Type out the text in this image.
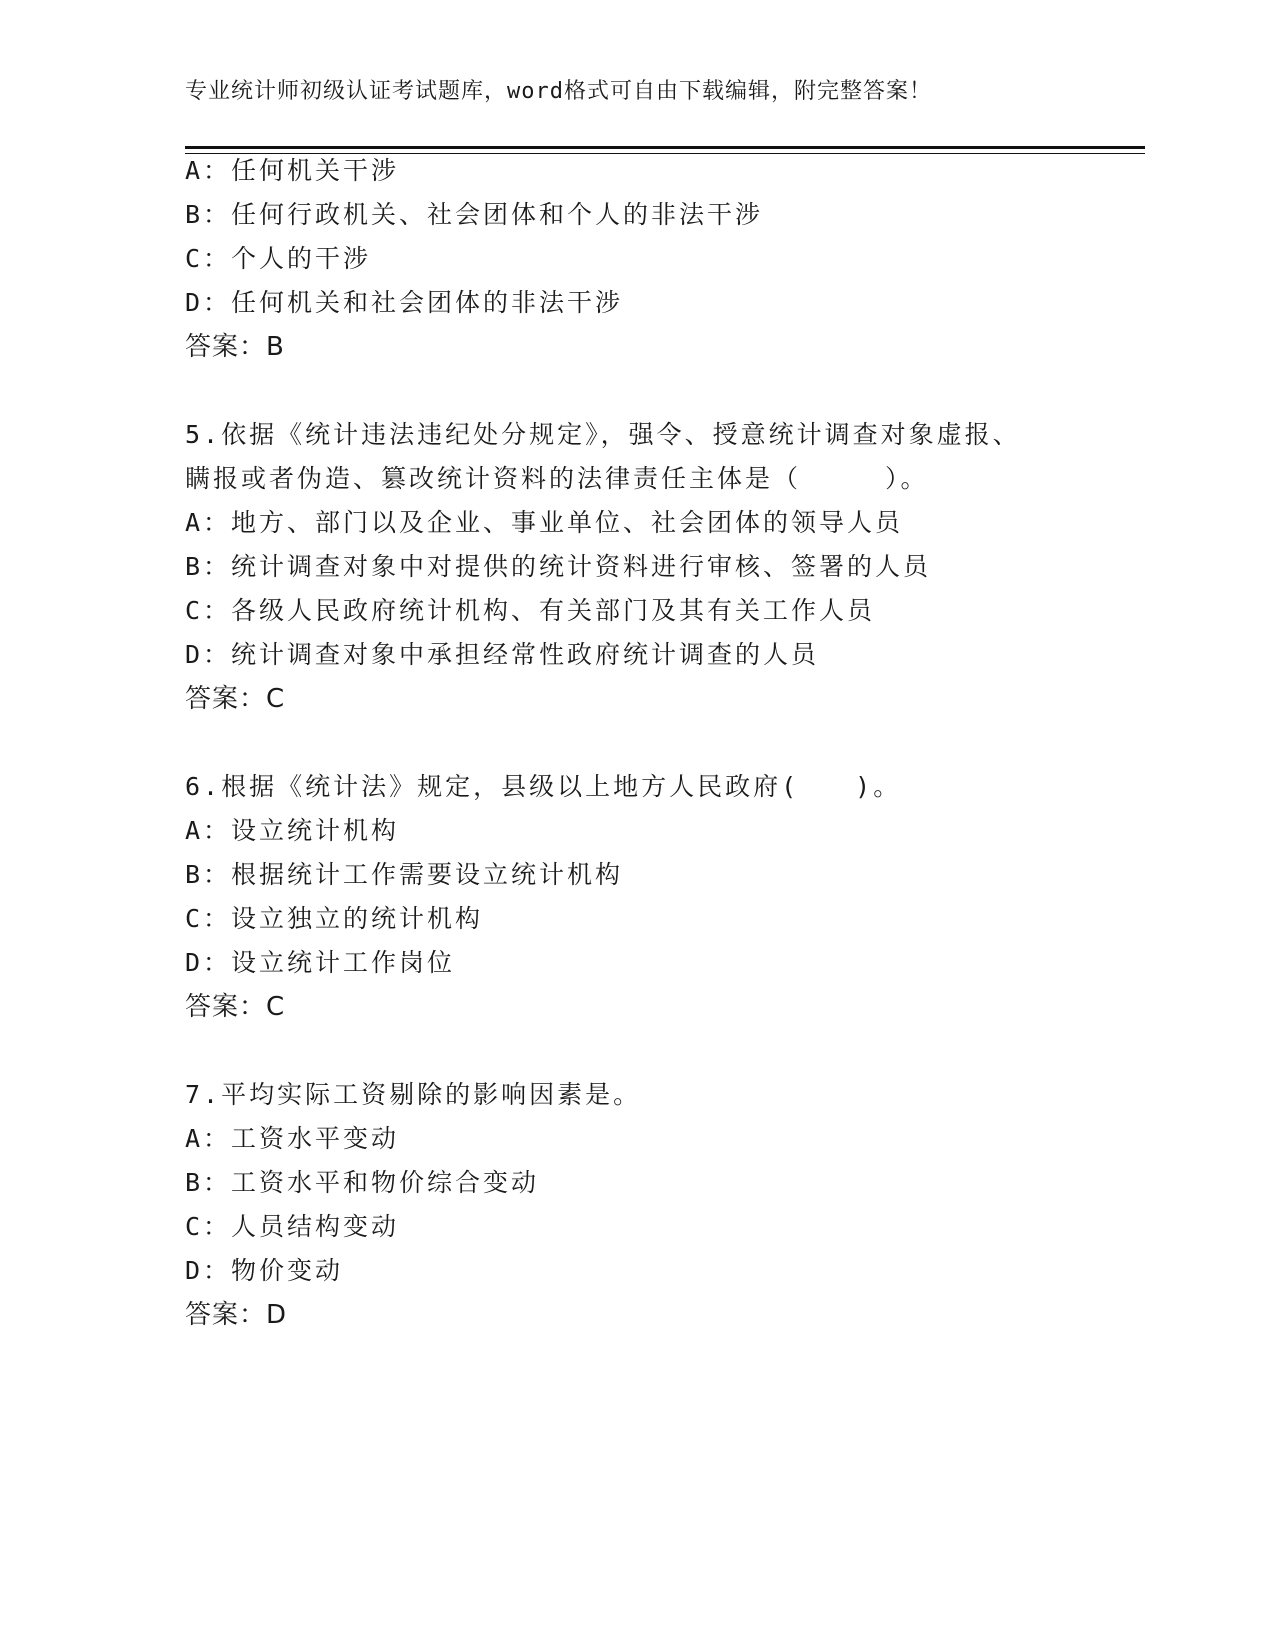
专业统计师初级认证考试题库，word格式可自由下载编辑，附完整答案！
A：任何机关干涉
B：任何行政机关、社会团体和个人的非法干涉
C：个人的干涉
D：任何机关和社会团体的非法干涉
答案：B
5.依据《统计违法违纪处分规定》，强令、授意统计调查对象虚报、
瞒报或者伪造、篡改统计资料的法律责任主体是（　　　）。
A：地方、部门以及企业、事业单位、社会团体的领导人员
B：统计调查对象中对提供的统计资料进行审核、签署的人员
C：各级人民政府统计机构、有关部门及其有关工作人员
D：统计调查对象中承担经常性政府统计调查的人员
答案：C
6.根据《统计法》规定，县级以上地方人民政府(　　)。
A：设立统计机构
B：根据统计工作需要设立统计机构
C：设立独立的统计机构
D：设立统计工作岗位
答案：C
7.平均实际工资剔除的影响因素是。
A：工资水平变动
B：工资水平和物价综合变动
C：人员结构变动
D：物价变动
答案：D
